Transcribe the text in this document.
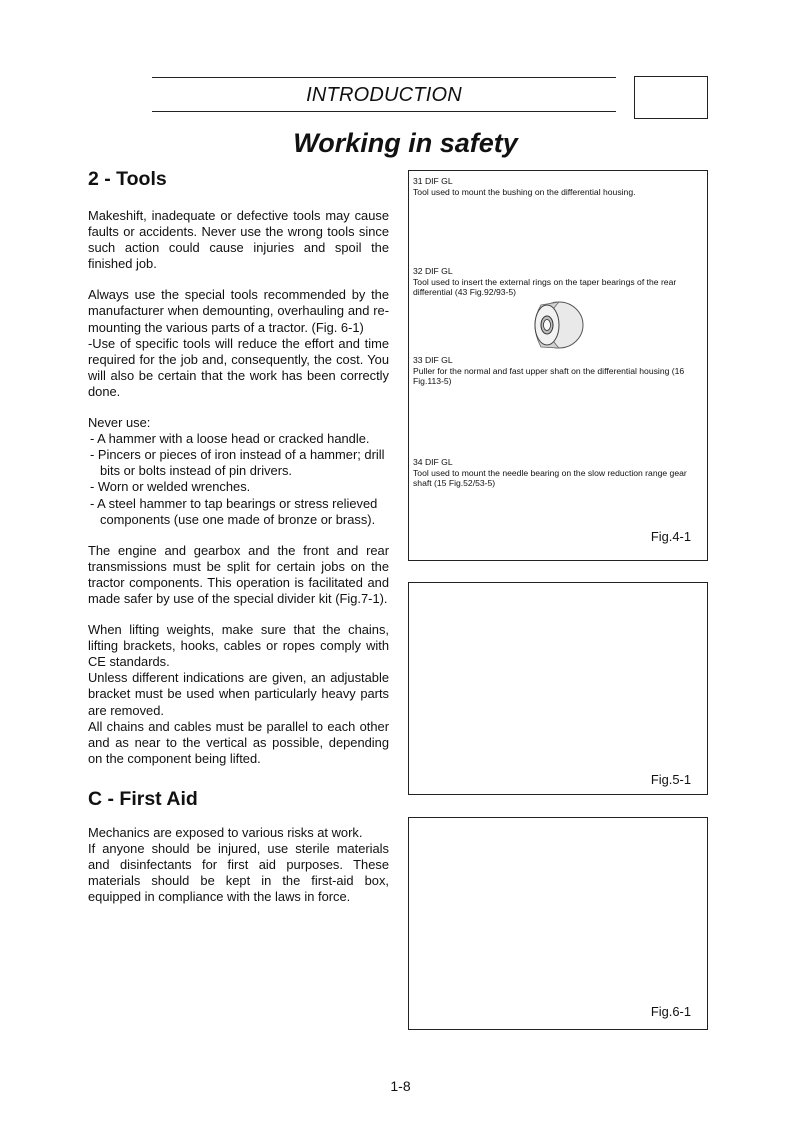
INTRODUCTION
Working in safety
2 - Tools

Makeshift, inadequate or defective tools may cause faults or accidents. Never use the wrong tools since such action could cause injuries and spoil the finished job.

Always use the special tools recommended by the manufacturer when demounting, overhauling and re-mounting the various parts of a tractor. (Fig. 6-1)

-Use of specific tools will reduce the effort and time required for the job and, consequently, the cost. You will also be certain that the work has been correctly done.

Never use:

- A hammer with a loose head or cracked handle.
- Pincers or pieces of iron instead of a hammer; drill bits or bolts instead of pin drivers.
- Worn or welded wrenches.
- A steel hammer to tap bearings or stress relieved components (use one made of bronze or brass).

The engine and gearbox and the front and rear transmissions must be split for certain jobs on the tractor components. This operation is facilitated and made safer by use of the special divider kit (Fig.7-1).

When lifting weights, make sure that the chains, lifting brackets, hooks, cables or ropes comply with CE standards.

Unless different indications are given, an adjustable bracket must be used when particularly heavy parts are removed.

All chains and cables must be parallel to each other and as near to the vertical as possible, depending on the component being lifted.

C - First Aid

Mechanics are exposed to various risks at work.

If anyone should be injured, use sterile materials and disinfectants for first aid purposes. These materials should be kept in the first-aid box, equipped in compliance with the laws in force.

31 DIF GL
Tool used to mount the bushing on the differential housing.
32 DIF GL
Tool used to insert the external rings on the taper bearings of the rear differential (43 Fig.92/93-5)
33 DIF GL
Puller for the normal and fast upper shaft on the differential housing (16 Fig.113-5)
34 DIF GL
Tool used to mount the needle bearing on the slow reduction range gear shaft (15 Fig.52/53-5)
Fig.4-1
Fig.5-1
Fig.6-1
1-8
